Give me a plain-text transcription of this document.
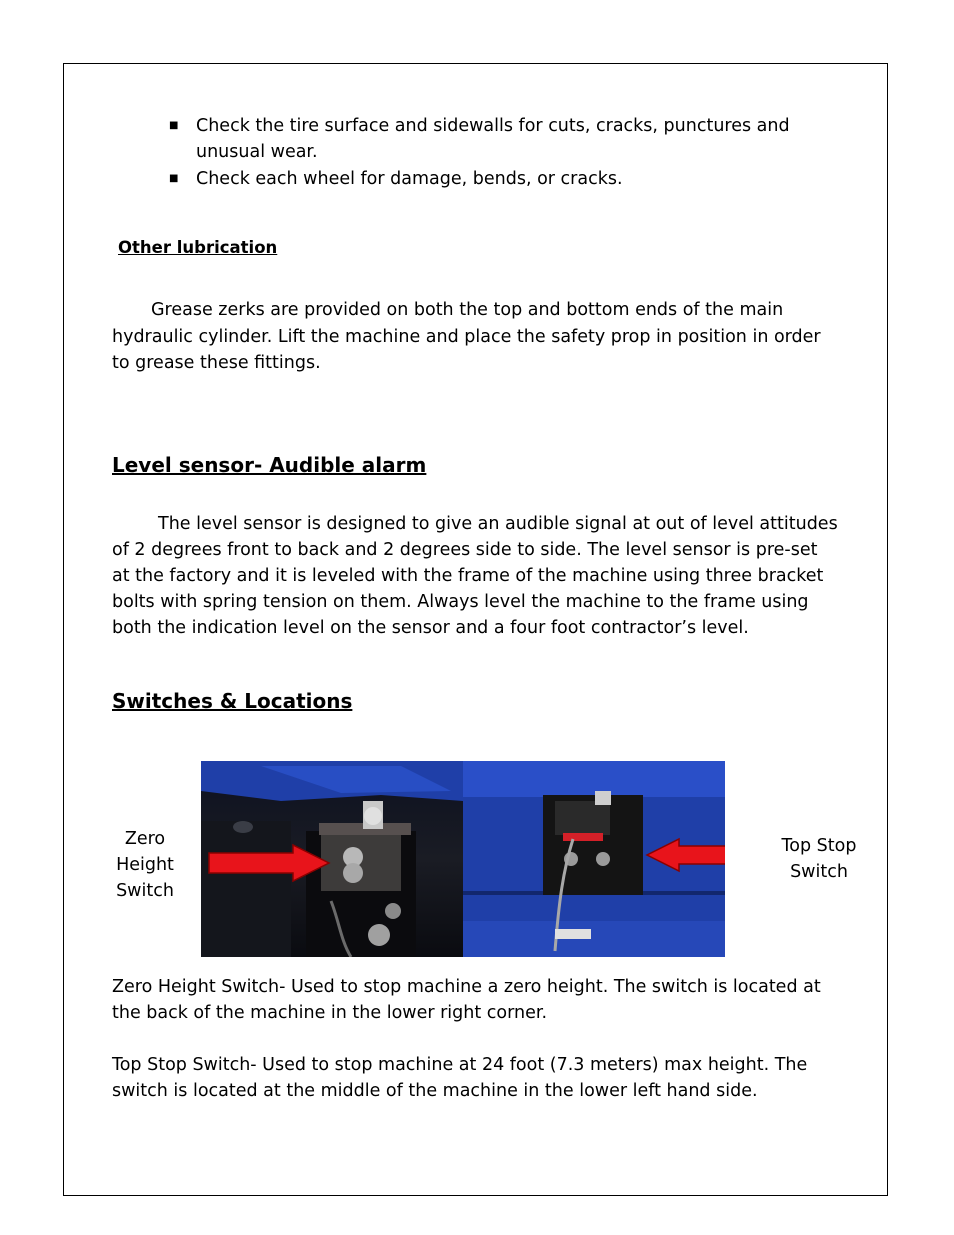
■ Check the tire surface and sidewalls for cuts, cracks, punctures and
unusual wear.
■ Check each wheel for damage, bends, or cracks.
Other lubrication
Grease zerks are provided on both the top and bottom ends of the main
hydraulic cylinder. Lift the machine and place the safety prop in position in order
to grease these fittings.
Level sensor- Audible alarm
The level sensor is designed to give an audible signal at out of level attitudes
of 2 degrees front to back and 2 degrees side to side. The level sensor is pre-set
at the factory and it is leveled with the frame of the machine using three bracket
bolts with spring tension on them. Always level the machine to the frame using
both the indication level on the sensor and a four foot contractor’s level.
Switches & Locations
Zero
Height
Switch
Top Stop
Switch
Zero Height Switch- Used to stop machine a zero height. The switch is located at
the back of the machine in the lower right corner.
Top Stop Switch- Used to stop machine at 24 foot (7.3 meters) max height. The
switch is located at the middle of the machine in the lower left hand side.
